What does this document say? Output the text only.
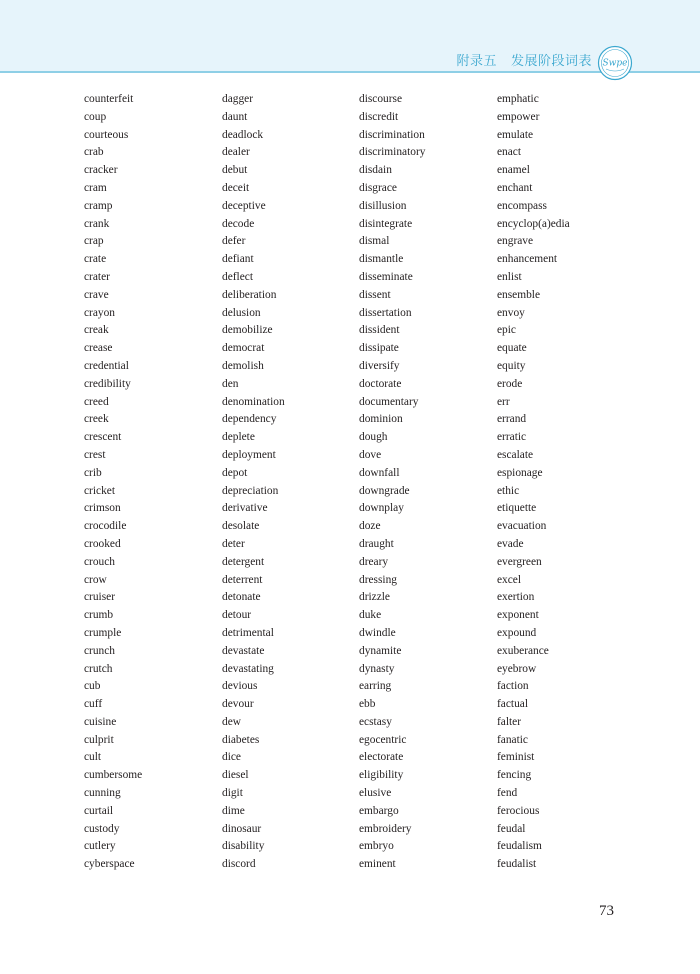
附录五 发展阶段词表 Swpe
counterfeit
coup
courteous
crab
cracker
cram
cramp
crank
crap
crate
crater
crave
crayon
creak
crease
credential
credibility
creed
creek
crescent
crest
crib
cricket
crimson
crocodile
crooked
crouch
crow
cruiser
crumb
crumple
crunch
crutch
cub
cuff
cuisine
culprit
cult
cumbersome
cunning
curtail
custody
cutlery
cyberspace
dagger
daunt
deadlock
dealer
debut
deceit
deceptive
decode
defer
defiant
deflect
deliberation
delusion
demobilize
democrat
demolish
den
denomination
dependency
deplete
deployment
depot
depreciation
derivative
desolate
deter
detergent
deterrent
detonate
detour
detrimental
devastate
devastating
devious
devour
dew
diabetes
dice
diesel
digit
dime
dinosaur
disability
discord
discourse
discredit
discrimination
discriminatory
disdain
disgrace
disillusion
disintegrate
dismal
dismantle
disseminate
dissent
dissertation
dissident
dissipate
diversify
doctorate
documentary
dominion
dough
dove
downfall
downgrade
downplay
doze
draught
dreary
dressing
drizzle
duke
dwindle
dynamite
dynasty
earring
ebb
ecstasy
egocentric
electorate
eligibility
elusive
embargo
embroidery
embryo
eminent
emphatic
empower
emulate
enact
enamel
enchant
encompass
encyclop(a)edia
engrave
enhancement
enlist
ensemble
envoy
epic
equate
equity
erode
err
errand
erratic
escalate
espionage
ethic
etiquette
evacuation
evade
evergreen
excel
exertion
exponent
expound
exuberance
eyebrow
faction
factual
falter
fanatic
feminist
fencing
fend
ferocious
feudal
feudalism
feudalist
73
